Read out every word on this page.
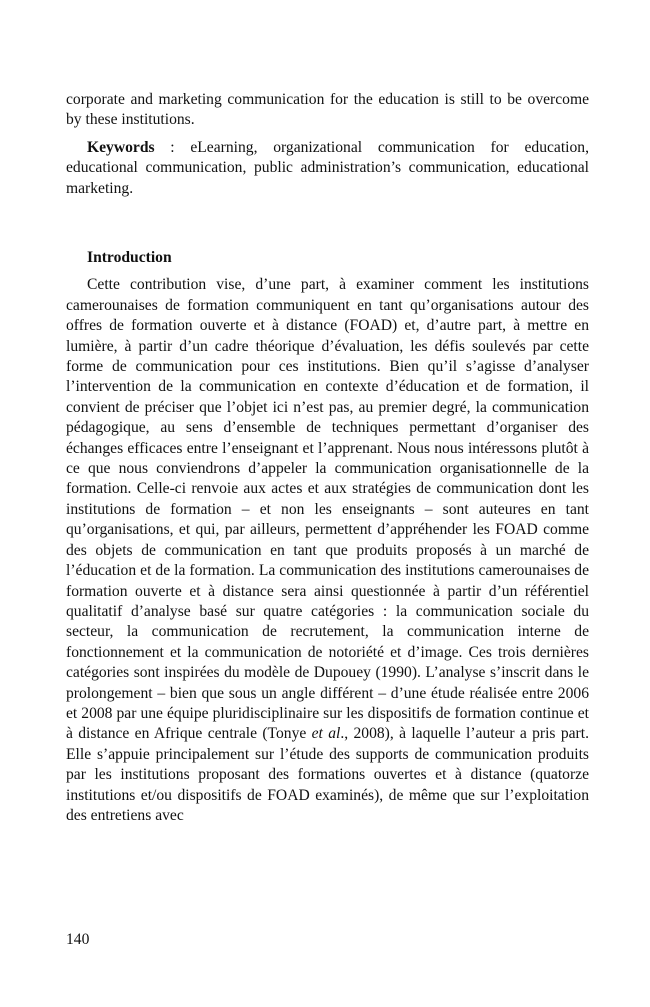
corporate and marketing communication for the education is still to be overcome by these institutions.

Keywords : eLearning, organizational communication for education, educational communication, public administration’s communication, educational marketing.

Introduction

Cette contribution vise, d’une part, à examiner comment les institutions camerounaises de formation communiquent en tant qu’organisations autour des offres de formation ouverte et à distance (FOAD) et, d’autre part, à mettre en lumière, à partir d’un cadre théorique d’évaluation, les défis soulevés par cette forme de communication pour ces institutions. Bien qu’il s’agisse d’analyser l’intervention de la communication en contexte d’éducation et de formation, il convient de préciser que l’objet ici n’est pas, au premier degré, la communication pédagogique, au sens d’ensemble de techniques permettant d’organiser des échanges efficaces entre l’enseignant et l’apprenant. Nous nous intéressons plutôt à ce que nous conviendrons d’appeler la communication organisationnelle de la formation. Celle-ci renvoie aux actes et aux stratégies de communication dont les institutions de formation – et non les enseignants – sont auteures en tant qu’organisations, et qui, par ailleurs, permettent d’appréhender les FOAD comme des objets de communication en tant que produits proposés à un marché de l’éducation et de la formation. La communication des institutions camerounaises de formation ouverte et à distance sera ainsi questionnée à partir d’un référentiel qualitatif d’analyse basé sur quatre catégories : la communication sociale du secteur, la communication de recrutement, la communication interne de fonctionnement et la communication de notoriété et d’image. Ces trois dernières catégories sont inspirées du modèle de Dupouey (1990). L’analyse s’inscrit dans le prolongement – bien que sous un angle différent – d’une étude réalisée entre 2006 et 2008 par une équipe pluridisciplinaire sur les dispositifs de formation continue et à distance en Afrique centrale (Tonye et al., 2008), à laquelle l’auteur a pris part. Elle s’appuie principalement sur l’étude des supports de communication produits par les institutions proposant des formations ouvertes et à distance (quatorze institutions et/ou dispositifs de FOAD examinés), de même que sur l’exploitation des entretiens avec

140
